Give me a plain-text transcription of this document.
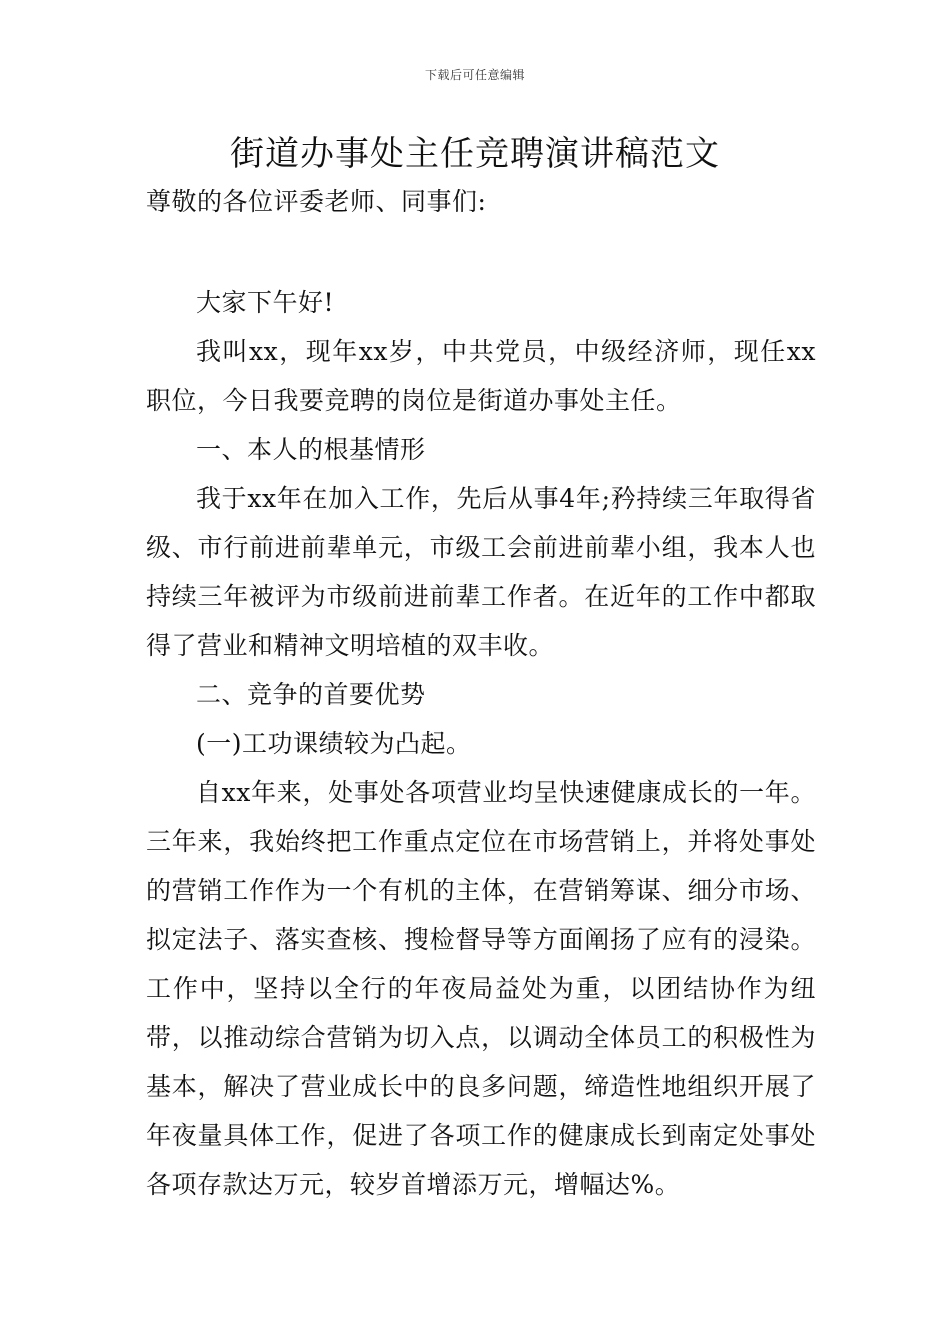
下载后可任意编辑
街道办事处主任竞聘演讲稿范文
尊敬的各位评委老师、同事们:

大家下午好!

我叫xx，现年xx岁，中共党员，中级经济师，现任xx职位，今日我要竞聘的岗位是街道办事处主任。

一、本人的根基情形

我于xx年在加入工作，先后从事4年;矜持续三年取得省级、市行前进前辈单元，市级工会前进前辈小组，我本人也持续三年被评为市级前进前辈工作者。在近年的工作中都取得了营业和精神文明培植的双丰收。

二、竞争的首要优势

(一)工功课绩较为凸起。

自xx年来，处事处各项营业均呈快速健康成长的一年。三年来，我始终把工作重点定位在市场营销上，并将处事处的营销工作作为一个有机的主体，在营销筹谋、细分市场、拟定法子、落实查核、搜检督导等方面阐扬了应有的浸染。工作中，坚持以全行的年夜局益处为重，以团结协作为纽带，以推动综合营销为切入点，以调动全体员工的积极性为基本，解决了营业成长中的良多问题，缔造性地组织开展了年夜量具体工作，促进了各项工作的健康成长到南定处事处各项存款达万元，较岁首增添万元，增幅达%。
